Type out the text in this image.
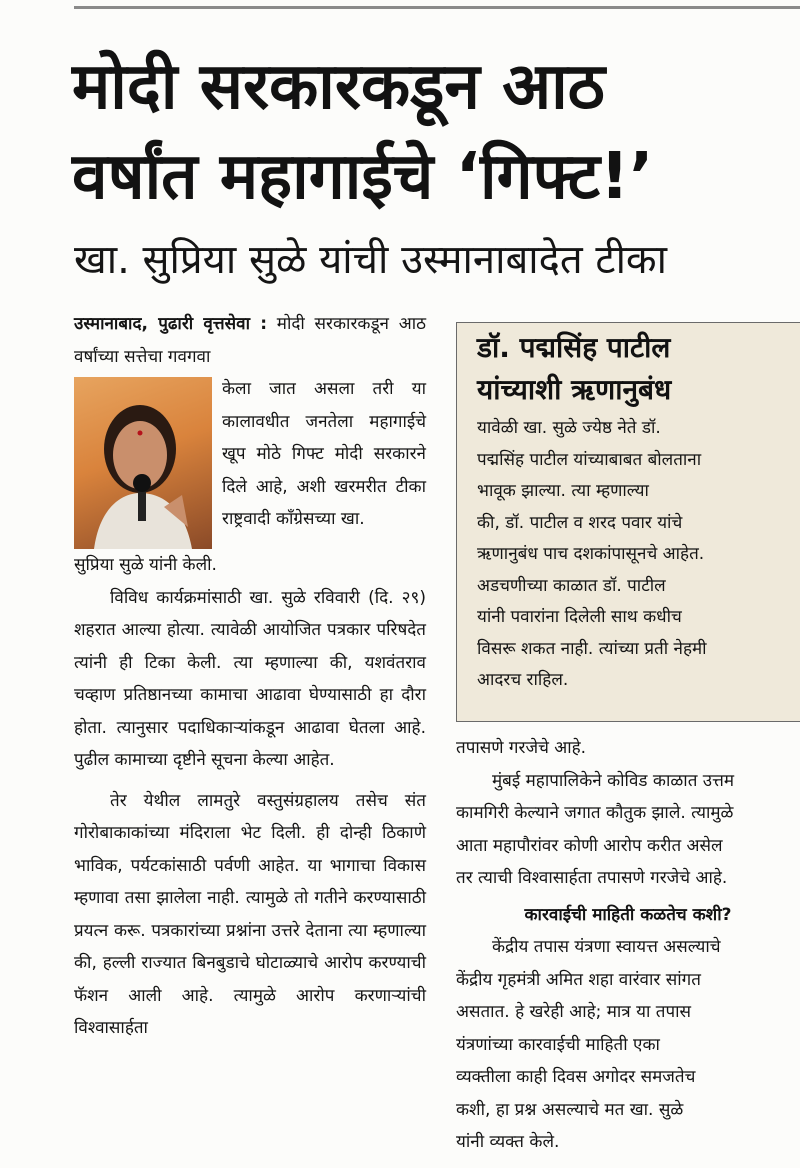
मोदी सरकारकडून आठ
वर्षांत महागाईचे ‘गिफ्ट!’
खा. सुप्रिया सुळे यांची उस्मानाबादेत टीका

उस्मानाबाद, पुढारी वृत्तसेवा : मोदी सरकारकडून आठ वर्षांच्या सत्तेचा गवगवा

केला जात असला तरी या कालावधीत जनतेला महागाईचे खूप मोठे गिफ्ट मोदी सरकारने दिले आहे, अशी खरमरीत टीका राष्ट्रवादी काँग्रेसच्या खा.

सुप्रिया सुळे यांनी केली.

विविध कार्यक्रमांसाठी खा. सुळे रविवारी (दि. २९) शहरात आल्या होत्या. त्यावेळी आयोजित पत्रकार परिषदेत त्यांनी ही टिका केली. त्या म्हणाल्या की, यशवंतराव चव्हाण प्रतिष्ठानच्या कामाचा आढावा घेण्यासाठी हा दौरा होता. त्यानुसार पदाधिकाऱ्यांकडून आढावा घेतला आहे. पुढील कामाच्या दृष्टीने सूचना केल्या आहेत.

तेर येथील लामतुरे वस्तुसंग्रहालय तसेच संत गोरोबाकाकांच्या मंदिराला भेट दिली. ही दोन्ही ठिकाणे भाविक, पर्यटकांसाठी पर्वणी आहेत. या भागाचा विकास म्हणावा तसा झालेला नाही. त्यामुळे तो गतीने करण्यासाठी प्रयत्न करू. पत्रकारांच्या प्रश्नांना उत्तरे देताना त्या म्हणाल्या की, हल्ली राज्यात बिनबुडाचे घोटाळ्याचे आरोप करण्याची फॅशन आली आहे. त्यामुळे आरोप करणाऱ्यांची विश्वासार्हता

डॉ. पद्मसिंह पाटील
यांच्याशी ऋणानुबंध
यावेळी खा. सुळे ज्येष्ठ नेते डॉ.
पद्मसिंह पाटील यांच्याबाबत बोलताना
भावूक झाल्या. त्या म्हणाल्या
की, डॉ. पाटील व शरद पवार यांचे
ऋणानुबंध पाच दशकांपासूनचे आहेत.
अडचणीच्या काळात डॉ. पाटील
यांनी पवारांना दिलेली साथ कधीच
विसरू शकत नाही. त्यांच्या प्रती नेहमी
आदरच राहिल.

तपासणे गरजेचे आहे.

मुंबई महापालिकेने कोविड काळात उत्तम

कामगिरी केल्याने जगात कौतुक झाले. त्यामुळे

आता महापौरांवर कोणी आरोप करीत असेल

तर त्याची विश्वासार्हता तपासणे गरजेचे आहे.

कारवाईची माहिती कळतेच कशी?

केंद्रीय तपास यंत्रणा स्वायत्त असल्याचे

केंद्रीय गृहमंत्री अमित शहा वारंवार सांगत

असतात. हे खरेही आहे; मात्र या तपास

यंत्रणांच्या कारवाईची माहिती एका

व्यक्तीला काही दिवस अगोदर समजतेच

कशी, हा प्रश्न असल्याचे मत खा. सुळे

यांनी व्यक्त केले.
